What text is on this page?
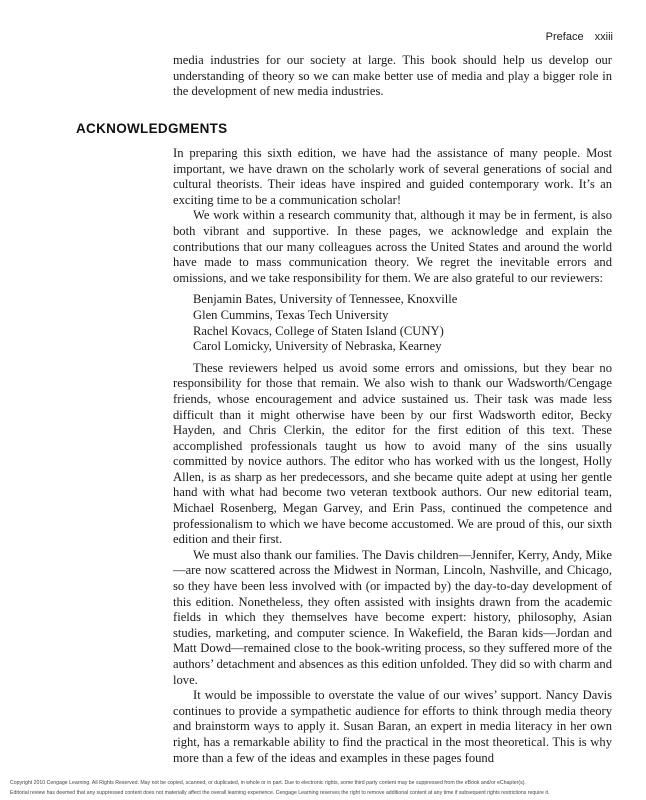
Preface xxiii

media industries for our society at large. This book should help us develop our understanding of theory so we can make better use of media and play a bigger role in the development of new media industries.

ACKNOWLEDGMENTS

In preparing this sixth edition, we have had the assistance of many people. Most important, we have drawn on the scholarly work of several generations of social and cultural theorists. Their ideas have inspired and guided contemporary work. It’s an exciting time to be a communication scholar!

We work within a research community that, although it may be in ferment, is also both vibrant and supportive. In these pages, we acknowledge and explain the contributions that our many colleagues across the United States and around the world have made to mass communication theory. We regret the inevitable errors and omissions, and we take responsibility for them. We are also grateful to our reviewers:

Benjamin Bates, University of Tennessee, Knoxville
Glen Cummins, Texas Tech University
Rachel Kovacs, College of Staten Island (CUNY)
Carol Lomicky, University of Nebraska, Kearney

These reviewers helped us avoid some errors and omissions, but they bear no responsibility for those that remain. We also wish to thank our Wadsworth/Cengage friends, whose encouragement and advice sustained us. Their task was made less difficult than it might otherwise have been by our first Wadsworth editor, Becky Hayden, and Chris Clerkin, the editor for the first edition of this text. These accomplished professionals taught us how to avoid many of the sins usually committed by novice authors. The editor who has worked with us the longest, Holly Allen, is as sharp as her predecessors, and she became quite adept at using her gentle hand with what had become two veteran textbook authors. Our new editorial team, Michael Rosenberg, Megan Garvey, and Erin Pass, continued the competence and professionalism to which we have become accustomed. We are proud of this, our sixth edition and their first.

We must also thank our families. The Davis children—Jennifer, Kerry, Andy, Mike—are now scattered across the Midwest in Norman, Lincoln, Nashville, and Chicago, so they have been less involved with (or impacted by) the day-to-day development of this edition. Nonetheless, they often assisted with insights drawn from the academic fields in which they themselves have become expert: history, philosophy, Asian studies, marketing, and computer science. In Wakefield, the Baran kids—Jordan and Matt Dowd—remained close to the book-writing process, so they suffered more of the authors’ detachment and absences as this edition unfolded. They did so with charm and love.

It would be impossible to overstate the value of our wives’ support. Nancy Davis continues to provide a sympathetic audience for efforts to think through media theory and brainstorm ways to apply it. Susan Baran, an expert in media literacy in her own right, has a remarkable ability to find the practical in the most theoretical. This is why more than a few of the ideas and examples in these pages found

Copyright 2010 Cengage Learning. All Rights Reserved. May not be copied, scanned, or duplicated, in whole or in part. Due to electronic rights, some third party content may be suppressed from the eBook and/or eChapter(s).
Editorial review has deemed that any suppressed content does not materially affect the overall learning experience. Cengage Learning reserves the right to remove additional content at any time if subsequent rights restrictions require it.
